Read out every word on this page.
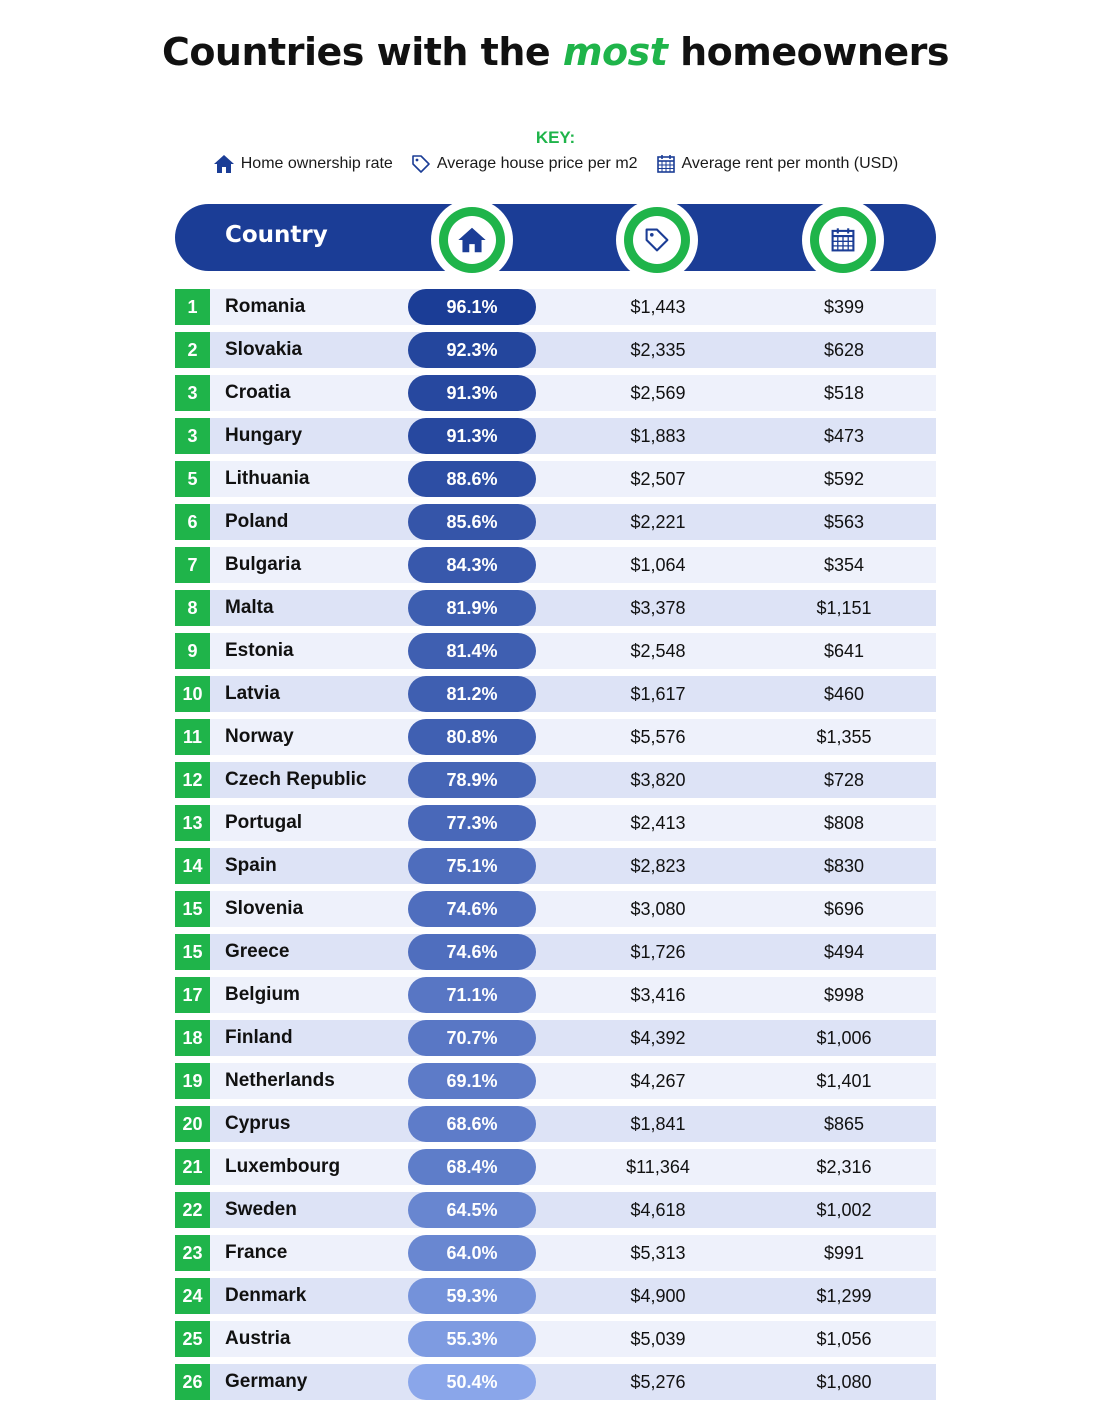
Countries with the most homeowners
KEY:
Home ownership rate	Average house price per m2	Average rent per month (USD)
Country
1	Romania	96.1%	$1,443	$399
2	Slovakia	92.3%	$2,335	$628
3	Croatia	91.3%	$2,569	$518
3	Hungary	91.3%	$1,883	$473
5	Lithuania	88.6%	$2,507	$592
6	Poland	85.6%	$2,221	$563
7	Bulgaria	84.3%	$1,064	$354
8	Malta	81.9%	$3,378	$1,151
9	Estonia	81.4%	$2,548	$641
10	Latvia	81.2%	$1,617	$460
11	Norway	80.8%	$5,576	$1,355
12	Czech Republic	78.9%	$3,820	$728
13	Portugal	77.3%	$2,413	$808
14	Spain	75.1%	$2,823	$830
15	Slovenia	74.6%	$3,080	$696
15	Greece	74.6%	$1,726	$494
17	Belgium	71.1%	$3,416	$998
18	Finland	70.7%	$4,392	$1,006
19	Netherlands	69.1%	$4,267	$1,401
20	Cyprus	68.6%	$1,841	$865
21	Luxembourg	68.4%	$11,364	$2,316
22	Sweden	64.5%	$4,618	$1,002
23	France	64.0%	$5,313	$991
24	Denmark	59.3%	$4,900	$1,299
25	Austria	55.3%	$5,039	$1,056
26	Germany	50.4%	$5,276	$1,080
